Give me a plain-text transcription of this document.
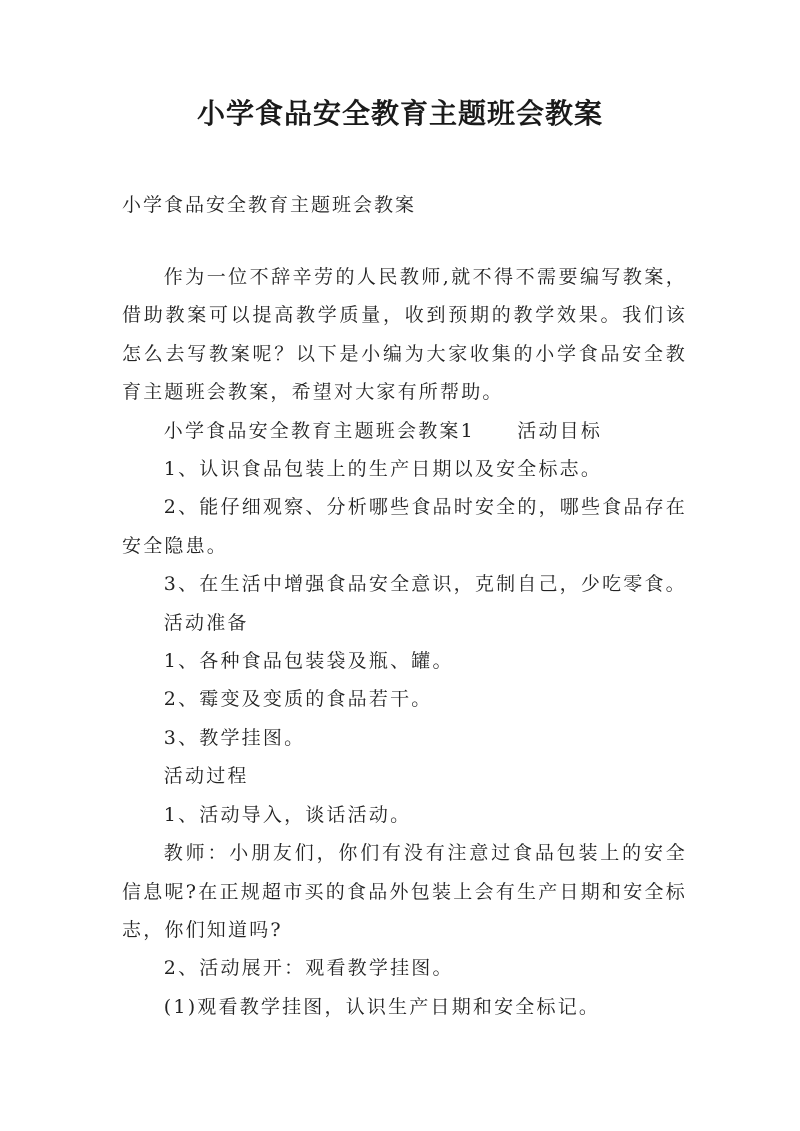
小学食品安全教育主题班会教案
小学食品安全教育主题班会教案

作为一位不辞辛劳的人民教师,就不得不需要编写教案，借助教案可以提高教学质量，收到预期的教学效果。我们该怎么去写教案呢？以下是小编为大家收集的小学食品安全教育主题班会教案，希望对大家有所帮助。

小学食品安全教育主题班会教案1　　活动目标

1、认识食品包装上的生产日期以及安全标志。

2、能仔细观察、分析哪些食品时安全的，哪些食品存在安全隐患。

3、在生活中增强食品安全意识，克制自己，少吃零食。

活动准备

1、各种食品包装袋及瓶、罐。

2、霉变及变质的食品若干。

3、教学挂图。

活动过程

1、活动导入，谈话活动。

教师：小朋友们，你们有没有注意过食品包装上的安全信息呢?在正规超市买的食品外包装上会有生产日期和安全标志，你们知道吗?

2、活动展开：观看教学挂图。

(1)观看教学挂图，认识生产日期和安全标记。
